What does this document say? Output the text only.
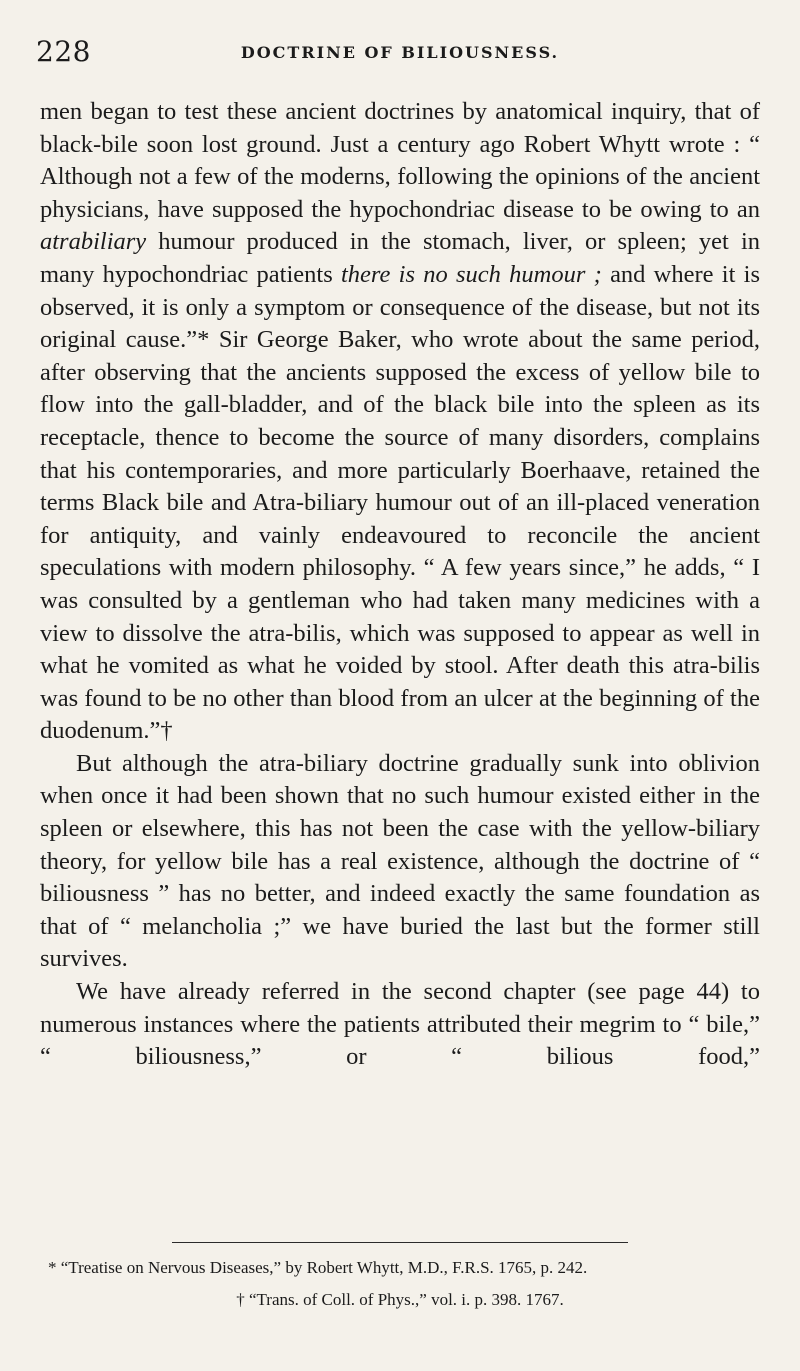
228	DOCTRINE OF BILIOUSNESS.

men began to test these ancient doctrines by anatomical inquiry, that of black-bile soon lost ground. Just a century ago Robert Whytt wrote : “ Although not a few of the moderns, following the opinions of the ancient physicians, have supposed the hypochondriac disease to be owing to an atrabiliary humour produced in the stomach, liver, or spleen; yet in many hypochondriac patients there is no such humour ; and where it is observed, it is only a symptom or consequence of the disease, but not its original cause.”* Sir George Baker, who wrote about the same period, after observing that the ancients supposed the excess of yellow bile to flow into the gall-bladder, and of the black bile into the spleen as its receptacle, thence to become the source of many disorders, complains that his contemporaries, and more particularly Boerhaave, retained the terms Black bile and Atra-biliary humour out of an ill-placed veneration for antiquity, and vainly endeavoured to reconcile the ancient speculations with modern philosophy. “ A few years since,” he adds, “ I was consulted by a gentleman who had taken many medicines with a view to dissolve the atra-bilis, which was supposed to appear as well in what he vomited as what he voided by stool. After death this atra-bilis was found to be no other than blood from an ulcer at the beginning of the duodenum.”†

But although the atra-biliary doctrine gradually sunk into oblivion when once it had been shown that no such humour existed either in the spleen or elsewhere, this has not been the case with the yellow-biliary theory, for yellow bile has a real existence, although the doctrine of “ biliousness ” has no better, and indeed exactly the same foundation as that of “ melancholia ;” we have buried the last but the former still survives.

We have already referred in the second chapter (see page 44) to numerous instances where the patients attributed their megrim to “ bile,” “ biliousness,” or “ bilious food,”

* “Treatise on Nervous Diseases,” by Robert Whytt, M.D., F.R.S. 1765, p. 242.

† “Trans. of Coll. of Phys.,” vol. i. p. 398. 1767.
